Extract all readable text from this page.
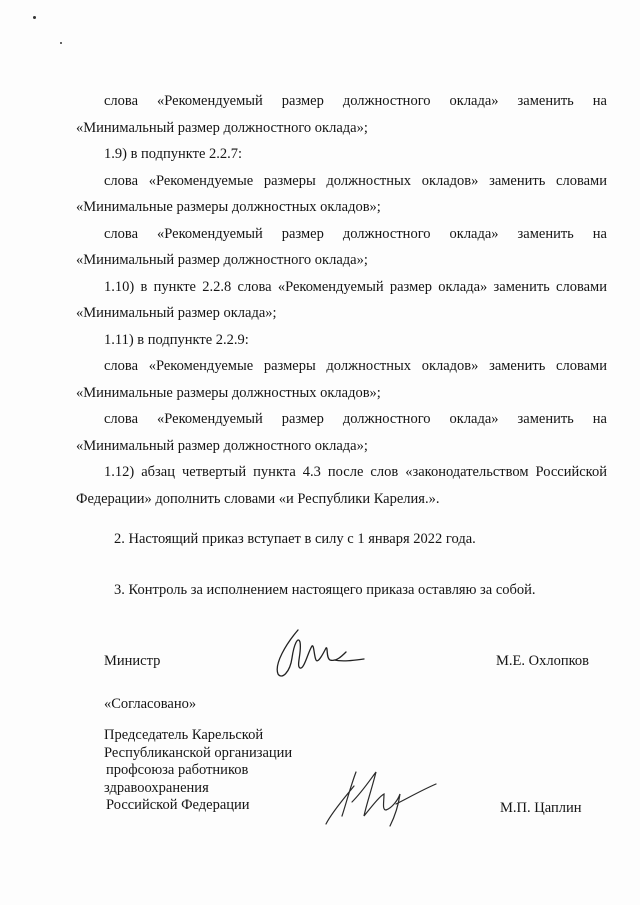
слова «Рекомендуемый размер должностного оклада» заменить на

«Минимальный размер должностного оклада»;

1.9) в подпункте 2.2.7:

слова «Рекомендуемые размеры должностных окладов» заменить словами

«Минимальные размеры должностных окладов»;

слова «Рекомендуемый размер должностного оклада» заменить на

«Минимальный размер должностного оклада»;

1.10) в пункте 2.2.8 слова «Рекомендуемый размер оклада» заменить словами

«Минимальный размер оклада»;

1.11) в подпункте 2.2.9:

слова «Рекомендуемые размеры должностных окладов» заменить словами

«Минимальные размеры должностных окладов»;

слова «Рекомендуемый размер должностного оклада» заменить на

«Минимальный размер должностного оклада»;

1.12) абзац четвертый пункта 4.3 после слов «законодательством Российской

Федерации» дополнить словами «и Республики Карелия.».

2. Настоящий приказ вступает в силу с 1 января 2022 года.
3. Контроль за исполнением настоящего приказа оставляю за собой.
Министр	М.Е. Охлопков
«Согласовано»
Председатель Карельской
Республиканской организации
профсоюза работников
здравоохранения
Российской Федерации	М.П. Цаплин
